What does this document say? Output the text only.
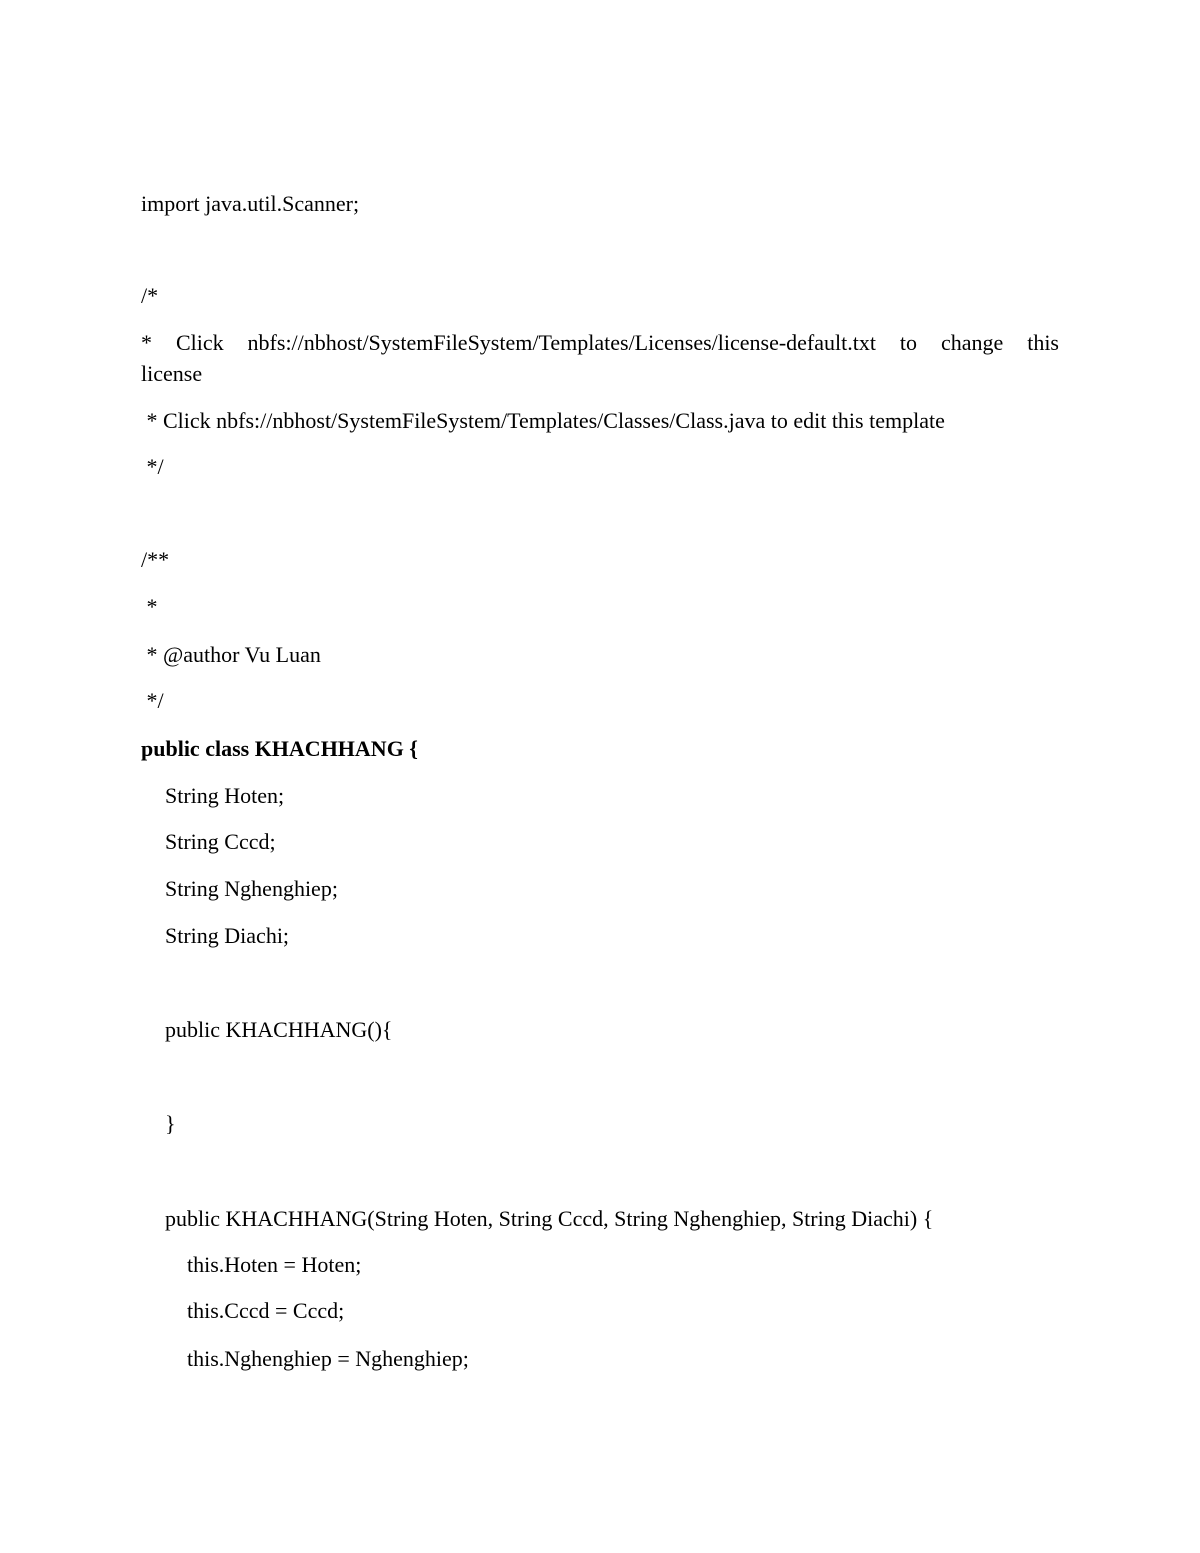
import java.util.Scanner;
/*
* Click nbfs://nbhost/SystemFileSystem/Templates/Licenses/license-default.txt to change this
license
* Click nbfs://nbhost/SystemFileSystem/Templates/Classes/Class.java to edit this template
*/
/**
*
* @author Vu Luan
*/
public class KHACHHANG {
String Hoten;
String Cccd;
String Nghenghiep;
String Diachi;
public KHACHHANG(){
}
public KHACHHANG(String Hoten, String Cccd, String Nghenghiep, String Diachi) {
this.Hoten = Hoten;
this.Cccd = Cccd;
this.Nghenghiep = Nghenghiep;
